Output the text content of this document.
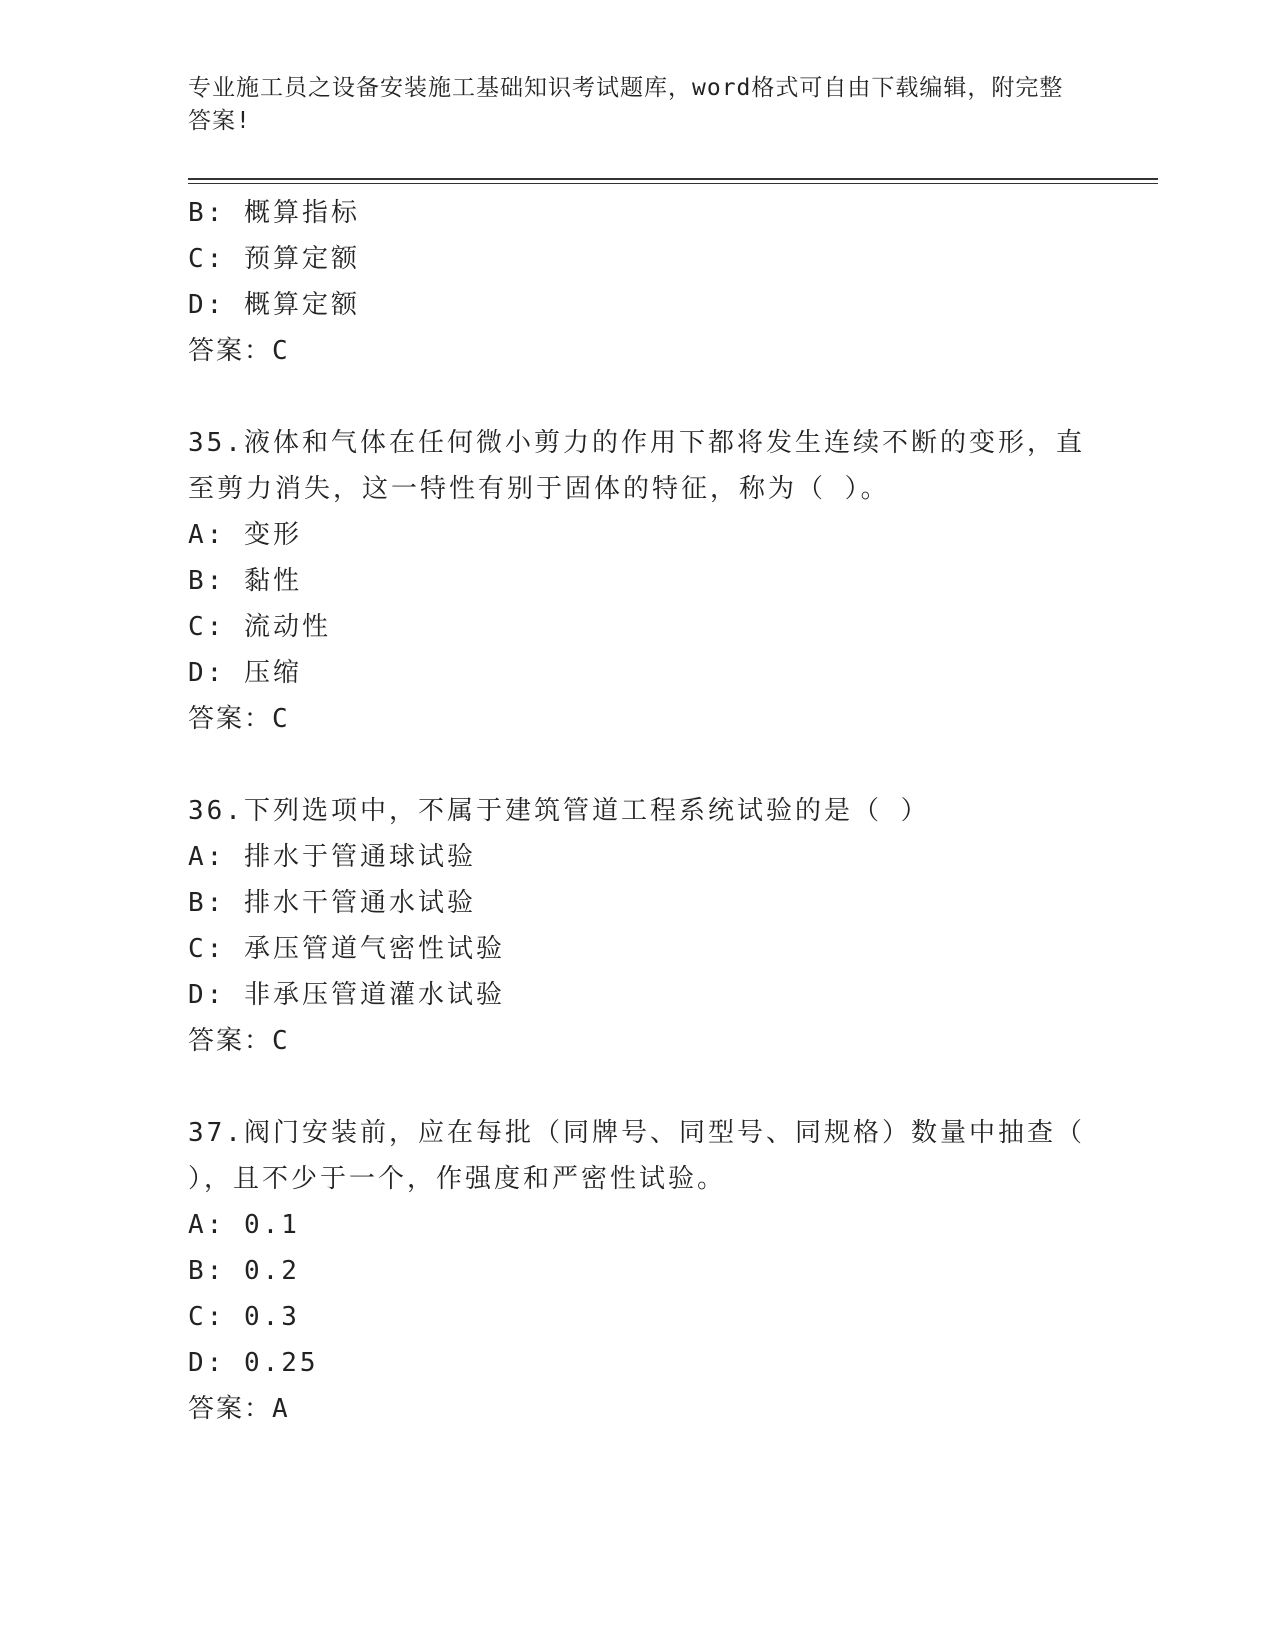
专业施工员之设备安装施工基础知识考试题库，word格式可自由下载编辑，附完整答案!
B: 概算指标
C: 预算定额
D: 概算定额
答案：C
35.液体和气体在任何微小剪力的作用下都将发生连续不断的变形，直至剪力消失，这一特性有别于固体的特征，称为（ ）。
A: 变形
B: 黏性
C: 流动性
D: 压缩
答案：C
36.下列选项中，不属于建筑管道工程系统试验的是（ ）
A: 排水于管通球试验
B: 排水干管通水试验
C: 承压管道气密性试验
D: 非承压管道灌水试验
答案：C
37.阀门安装前，应在每批（同牌号、同型号、同规格）数量中抽查（ ），且不少于一个，作强度和严密性试验。
A: 0.1
B: 0.2
C: 0.3
D: 0.25
答案：A
